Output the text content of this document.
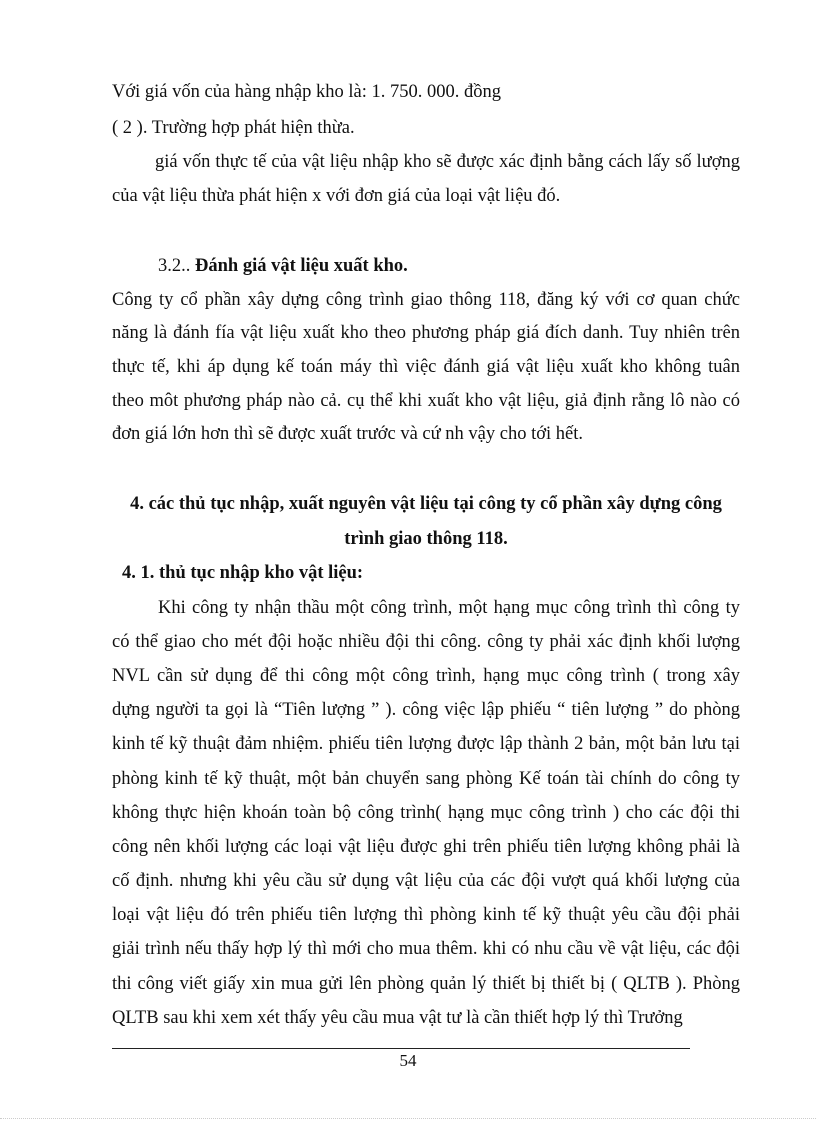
Với giá vốn của hàng nhập kho là: 1. 750. 000. đồng
( 2 ). Trường hợp phát hiện thừa.
giá vốn thực tế của vật liệu nhập kho sẽ được xác định bằng cách lấy số lượng
của vật liệu thừa phát hiện x với đơn giá của loại vật liệu đó.
3.2.. Đánh giá vật liệu xuất kho.
Công ty cổ phần xây dựng công trình giao thông 118, đăng ký với cơ quan chức
năng là đánh fía vật liệu xuất kho theo phương pháp giá đích danh. Tuy nhiên trên
thực tế, khi áp dụng kế toán máy thì việc đánh giá vật liệu xuất kho không tuân
theo môt phương pháp nào cả. cụ thể khi xuất kho vật liệu, giả định rằng lô nào có
đơn giá lớn hơn thì sẽ được xuất trước và cứ nh vậy cho tới hết.
4. các thủ tục nhập, xuất nguyên vật liệu tại công ty cổ phần xây dựng công
trình giao thông 118.
4. 1. thủ tục nhập kho vật liệu:
Khi công ty nhận thầu một công trình, một hạng mục công trình thì công ty
có thể giao cho mét đội hoặc nhiều đội thi công. công ty phải xác định khối lượng
NVL cần sử dụng để thi công một công trình, hạng mục công trình ( trong xây
dựng người ta gọi là “Tiên lượng ” ). công việc lập phiếu “ tiên lượng ” do phòng
kinh tế kỹ thuật đảm nhiệm. phiếu tiên lượng được lập thành 2 bản, một bản lưu tại
phòng kinh tế kỹ thuật, một bản chuyển sang phòng Kế toán tài chính do công ty
không thực hiện khoán toàn bộ công trình( hạng mục công trình ) cho các đội thi
công nên khối lượng các loại vật liệu được ghi trên phiếu tiên lượng không phải là
cố định. nhưng khi yêu cầu sử dụng vật liệu của các đội vượt quá khối lượng của
loại vật liệu đó trên phiếu tiên lượng thì phòng kinh tế kỹ thuật yêu cầu đội phải
giải trình nếu thấy hợp lý thì mới cho mua thêm. khi có nhu cầu về vật liệu, các đội
thi công viết giấy xin mua gửi lên phòng quản lý thiết bị thiết bị ( QLTB ). Phòng
QLTB sau khi xem xét thấy yêu cầu mua vật tư là cần thiết hợp lý thì Trưởng
54
